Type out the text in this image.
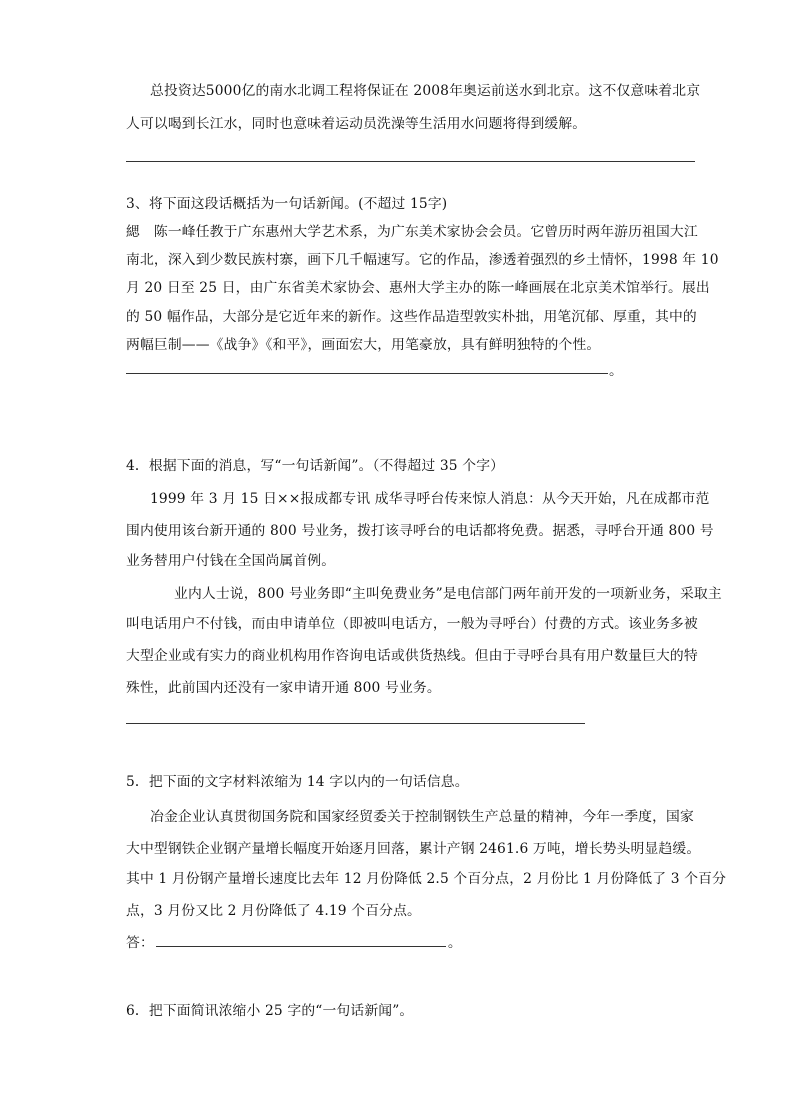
总投资达5000亿的南水北调工程将保证在 2008年奥运前送水到北京。这不仅意味着北京
人可以喝到长江水，同时也意味着运动员洗澡等生活用水问题将得到缓解。
3、将下面这段话概括为一句话新闻。(不超过 15字)
緦　陈一峰任教于广东惠州大学艺术系，为广东美术家协会会员。它曾历时两年游历祖国大江
南北，深入到少数民族村寨，画下几千幅速写。它的作品，渗透着强烈的乡土情怀，1998 年 10
月 20 日至 25 日，由广东省美术家协会、惠州大学主办的陈一峰画展在北京美术馆举行。展出
的 50 幅作品，大部分是它近年来的新作。这些作品造型敦实朴拙，用笔沉郁、厚重，其中的
两幅巨制——《战争》《和平》，画面宏大，用笔豪放，具有鲜明独特的个性。
。
4．根据下面的消息，写“一句话新闻”。（不得超过 35 个字）
1999 年 3 月 15 日××报成都专讯 成华寻呼台传来惊人消息：从今天开始，凡在成都市范
围内使用该台新开通的 800 号业务，拨打该寻呼台的电话都将免费。据悉，寻呼台开通 800 号
业务替用户付钱在全国尚属首例。
业内人士说，800 号业务即“主叫免费业务”是电信部门两年前开发的一项新业务，采取主
叫电话用户不付钱，而由申请单位（即被叫电话方，一般为寻呼台）付费的方式。该业务多被
大型企业或有实力的商业机构用作咨询电话或供货热线。但由于寻呼台具有用户数量巨大的特
殊性，此前国内还没有一家申请开通 800 号业务。
5．把下面的文字材料浓缩为 14 字以内的一句话信息。
冶金企业认真贯彻国务院和国家经贸委关于控制钢铁生产总量的精神，今年一季度，国家
大中型钢铁企业钢产量增长幅度开始逐月回落，累计产钢 2461.6 万吨，增长势头明显趋缓。
其中 1 月份钢产量增长速度比去年 12 月份降低 2.5 个百分点，2 月份比 1 月份降低了 3 个百分
点，3 月份又比 2 月份降低了 4.19 个百分点。
答：	。
6．把下面简讯浓缩小 25 字的“一句话新闻”。
